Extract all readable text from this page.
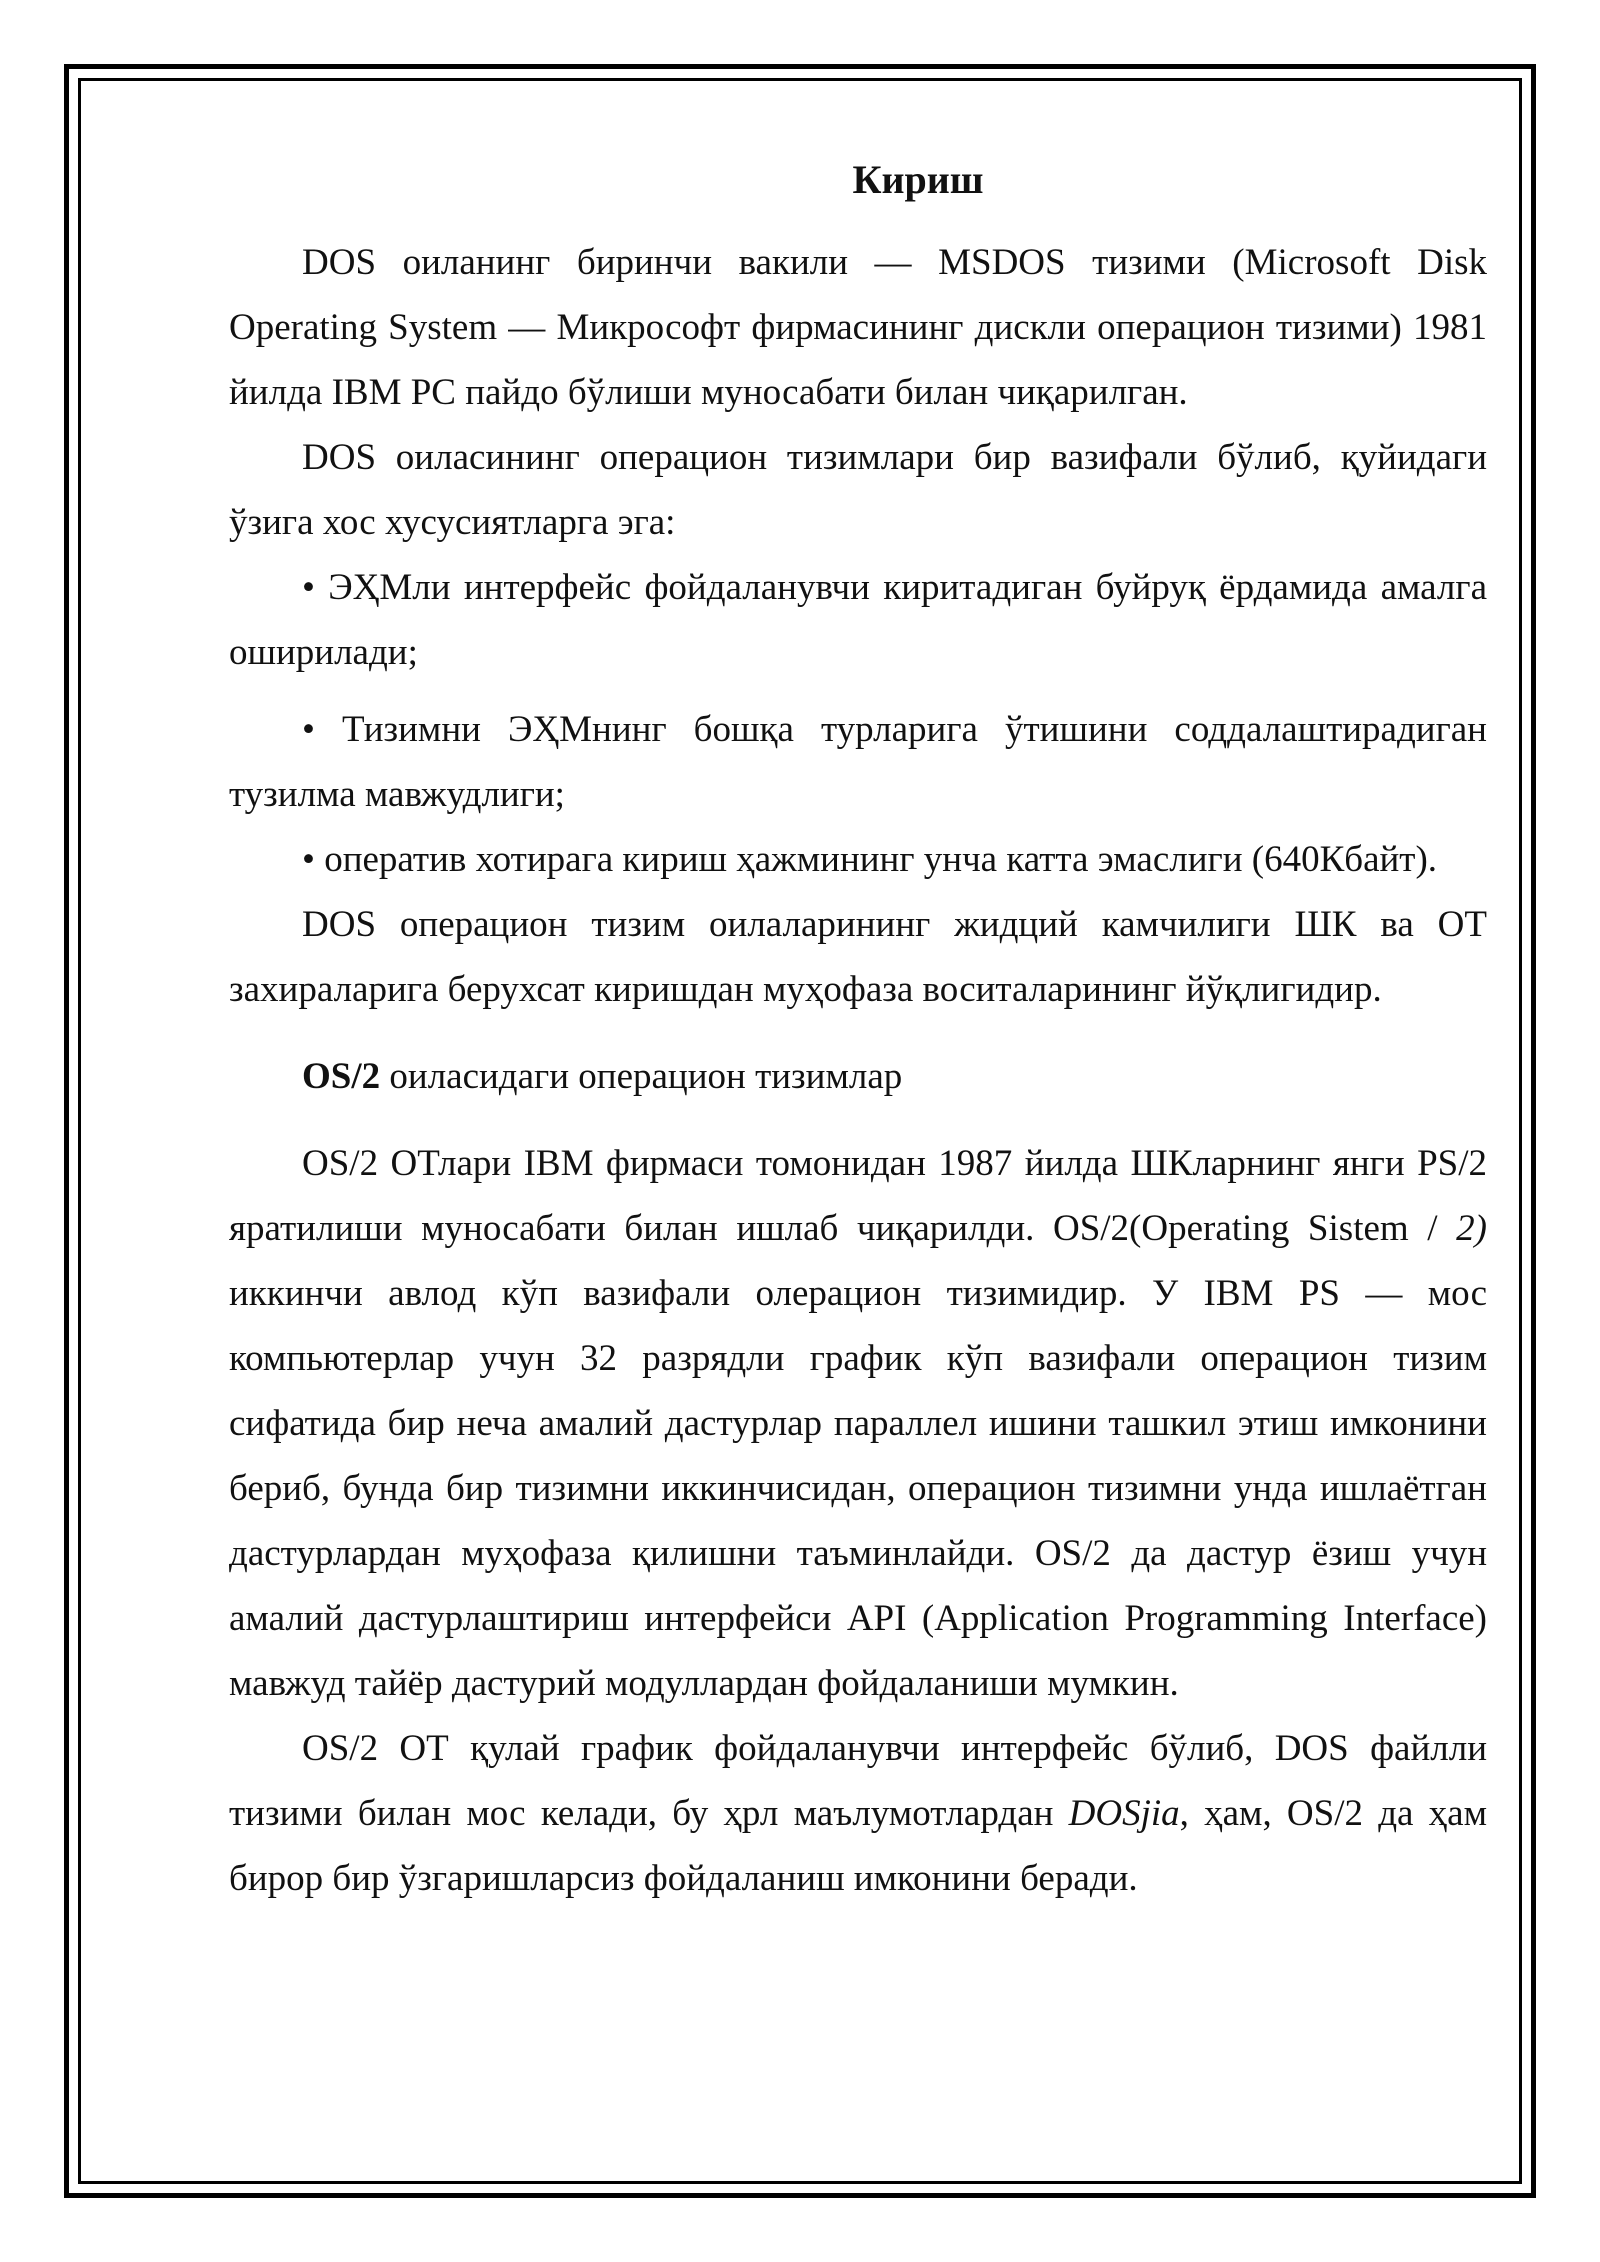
Кириш

DOS оиланинг биринчи вакили — MSDOS тизими (Microsoft Disk Operating System — Микрософт фирмасининг дискли операцион тизими) 1981 йилда IBM PC пайдо бўлиши муносабати билан чиқарилган.

DOS оиласининг операцион тизимлари бир вазифали бўлиб, қуйидаги ўзига хос хусусиятларга эга:

• ЭҲМли интерфейс фойдаланувчи киритадиган буйруқ ёрдамида амалга оширилади;

• Тизимни ЭҲМнинг бошқа турларига ўтишини соддалаштирадиган тузилма мавжудлиги;

• оператив хотирага кириш ҳажмининг унча катта эмаслиги (640Кбайт).

DOS операцион тизим оилаларининг жидций камчилиги ШК ва ОТ захираларига берухсат киришдан муҳофаза воситаларининг йўқлигидир.

OS/2 оиласидаги операцион тизимлар

OS/2 ОТлари IBM фирмаси томонидан 1987 йилда ШКларнинг янги PS/2 яратилиши муносабати билан ишлаб чиқарилди. OS/2(Operating Sistem / 2) иккинчи авлод кўп вазифали олерацион тизимидир. У IBM PS — мос компьютерлар учун 32 разрядли график кўп вазифали операцион тизим сифатида бир неча амалий дастурлар параллел ишини ташкил этиш имконини бериб, бунда бир тизимни иккинчисидан, операцион тизимни унда ишлаётган дастурлардан муҳофаза қилишни таъминлайди. OS/2 да дастур ёзиш учун амалий дастурлаштириш интерфейси API (Application Programming Interface) мавжуд тайёр дастурий модуллардан фойдаланиши мумкин.

OS/2 ОТ қулай график фойдаланувчи интерфейс бўлиб, DOS файлли тизими билан мос келади, бу ҳрл маълумотлардан DOSjia, ҳам, OS/2 да ҳам бирор бир ўзгаришларсиз фойдаланиш имконини беради.
